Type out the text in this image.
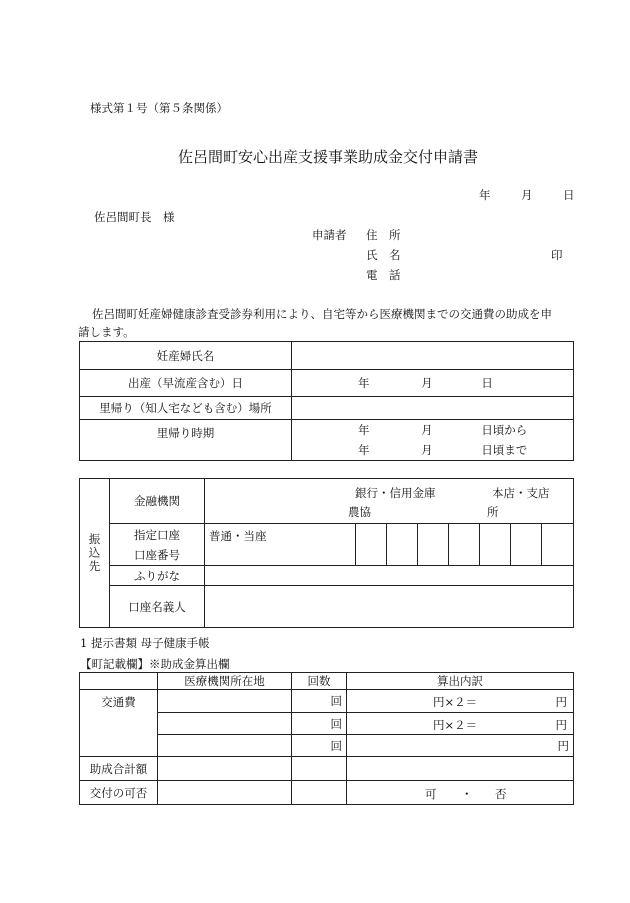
様式第１号（第５条関係）
佐呂間町安心出産支援事業助成金交付申請書
年	月	日
佐呂間町長　様
申請者 住　所
氏　名	印
電　話
佐呂間町妊産婦健康診査受診券利用により、自宅等から医療機関までの交通費の助成を申
請します。
妊産婦氏名	
出産（早流産含む）日	年 月 日
里帰り（知人宅なども含む）場所	
里帰り時期	年 月 日頃から
年 月 日頃まで
振込先	金融機関	銀行・信用金庫
農協
本店・支店
所							

	指定口座
口座番号	普通・当座							
	ふりがな								
	口座名義人								
1 提示書類 母子健康手帳
【町記載欄】※助成金算出欄
	医療機関所在地	回数	算出内訳
交通費		回	円×２＝ 円

		回	円×２＝ 円

		回	円
助成合計額			
交付の可否			可 ・ 否
